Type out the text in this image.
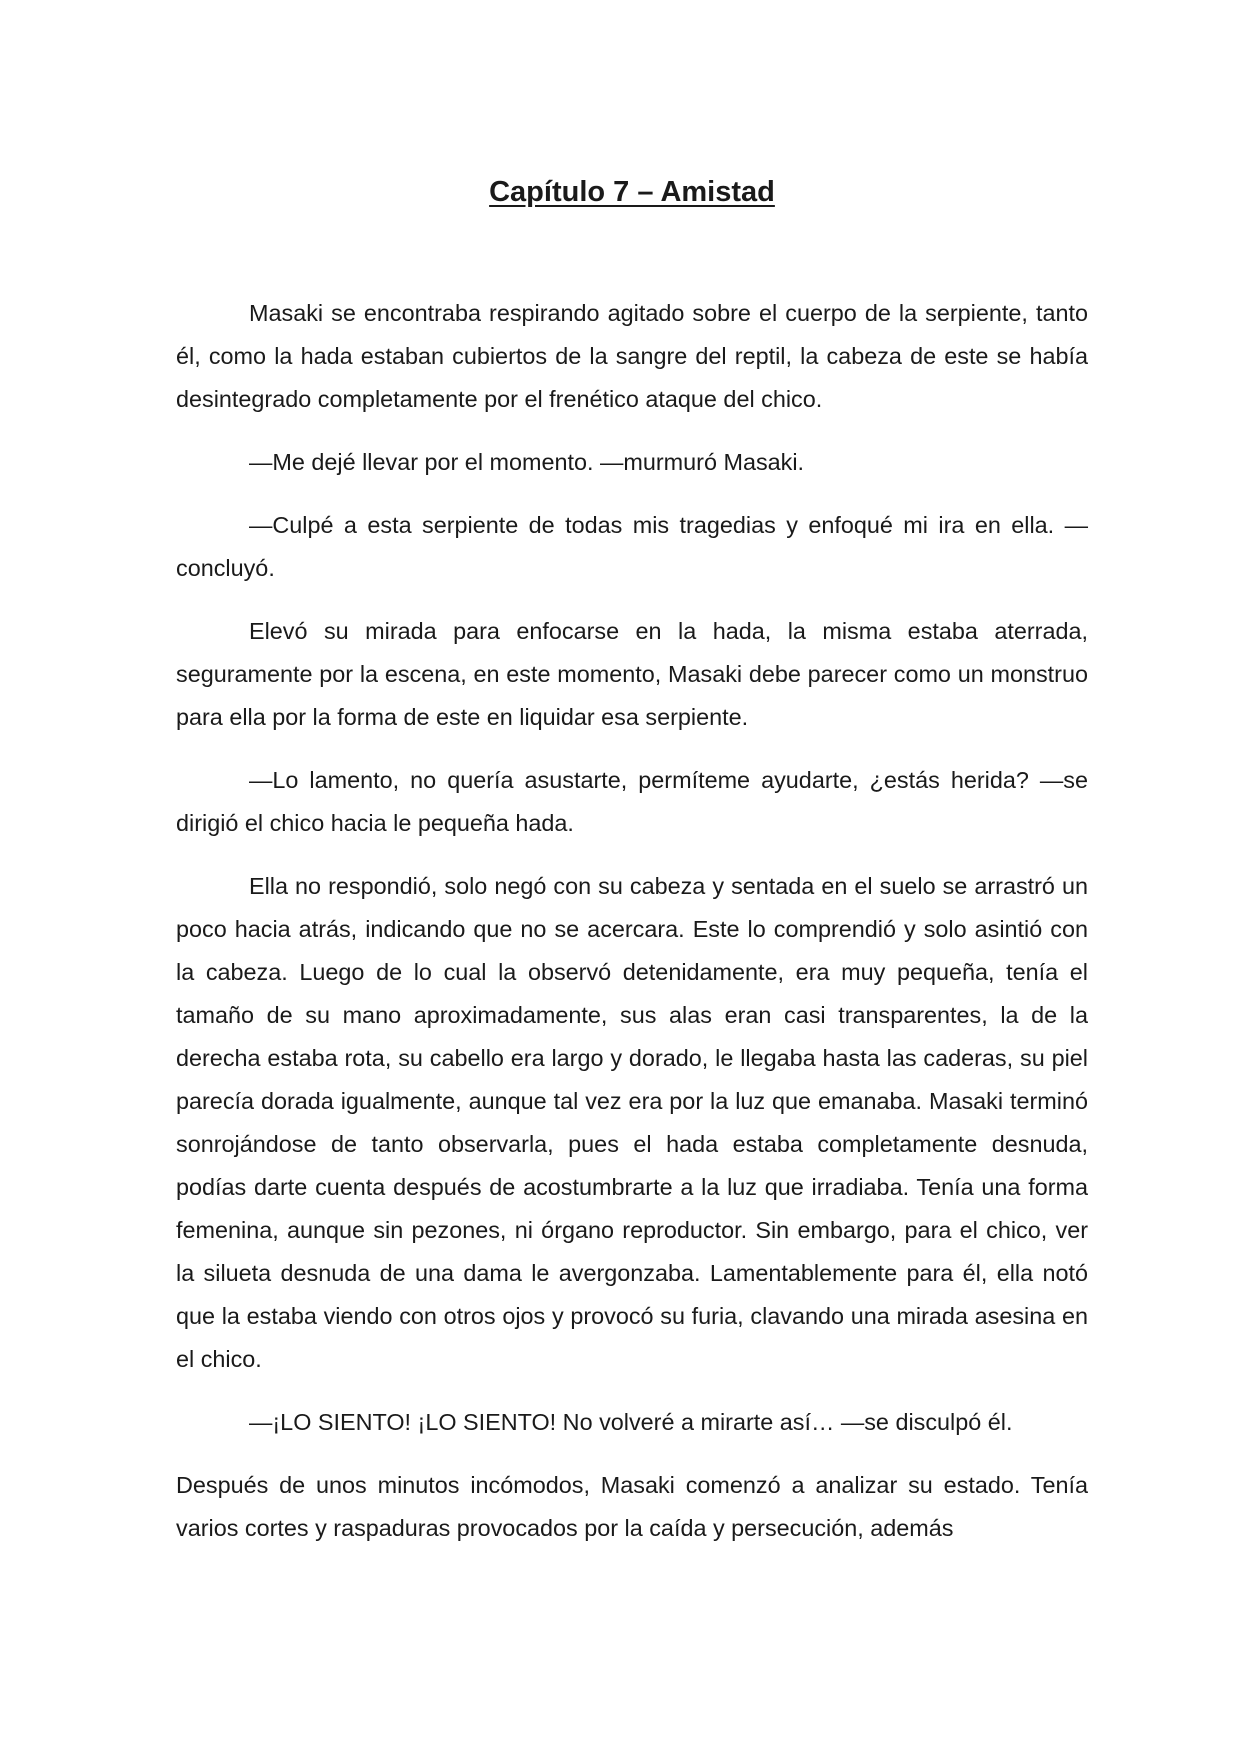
Capítulo 7 – Amistad

Masaki se encontraba respirando agitado sobre el cuerpo de la serpiente, tanto él, como la hada estaban cubiertos de la sangre del reptil, la cabeza de este se había desintegrado completamente por el frenético ataque del chico.

—Me dejé llevar por el momento. —murmuró Masaki.

—Culpé a esta serpiente de todas mis tragedias y enfoqué mi ira en ella. —concluyó.

Elevó su mirada para enfocarse en la hada, la misma estaba aterrada, seguramente por la escena, en este momento, Masaki debe parecer como un monstruo para ella por la forma de este en liquidar esa serpiente.

—Lo lamento, no quería asustarte, permíteme ayudarte, ¿estás herida? —se dirigió el chico hacia le pequeña hada.

Ella no respondió, solo negó con su cabeza y sentada en el suelo se arrastró un poco hacia atrás, indicando que no se acercara. Este lo comprendió y solo asintió con la cabeza. Luego de lo cual la observó detenidamente, era muy pequeña, tenía el tamaño de su mano aproximadamente, sus alas eran casi transparentes, la de la derecha estaba rota, su cabello era largo y dorado, le llegaba hasta las caderas, su piel parecía dorada igualmente, aunque tal vez era por la luz que emanaba. Masaki terminó sonrojándose de tanto observarla, pues el hada estaba completamente desnuda, podías darte cuenta después de acostumbrarte a la luz que irradiaba. Tenía una forma femenina, aunque sin pezones, ni órgano reproductor. Sin embargo, para el chico, ver la silueta desnuda de una dama le avergonzaba. Lamentablemente para él, ella notó que la estaba viendo con otros ojos y provocó su furia, clavando una mirada asesina en el chico.

—¡LO SIENTO! ¡LO SIENTO! No volveré a mirarte así… —se disculpó él.

Después de unos minutos incómodos, Masaki comenzó a analizar su estado. Tenía varios cortes y raspaduras provocados por la caída y persecución, además
